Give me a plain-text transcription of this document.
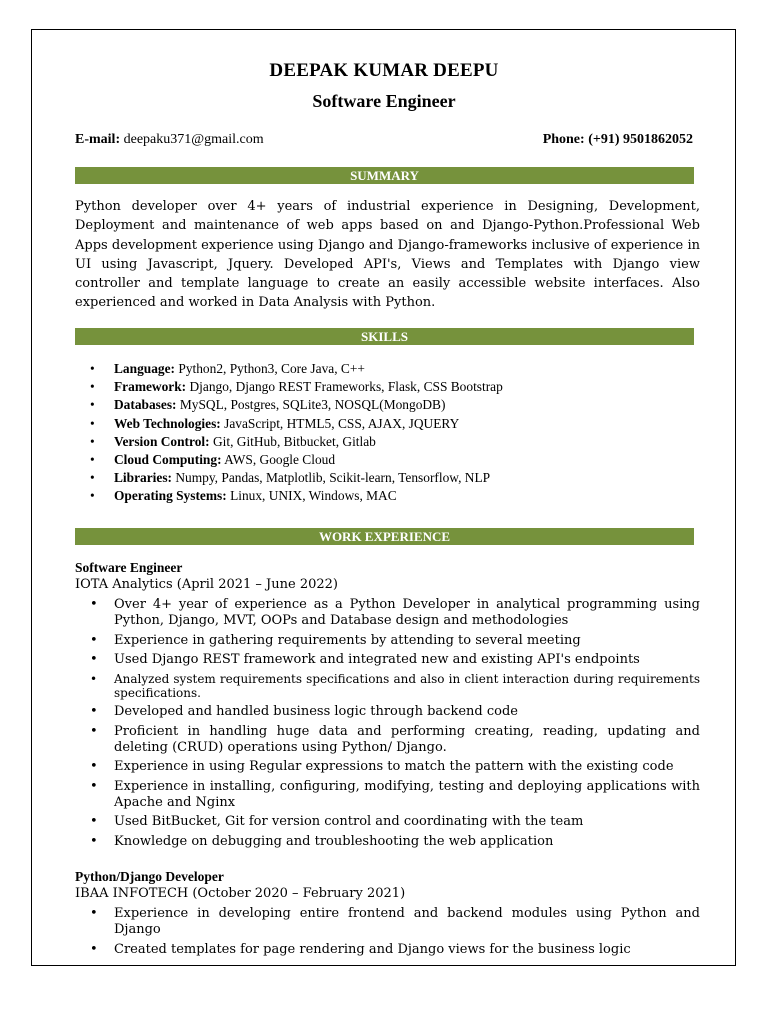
DEEPAK KUMAR DEEPU
Software Engineer
E-mail: deepaku371@gmail.com	Phone: (+91) 9501862052
SUMMARY
Python developer over 4+ years of industrial experience in Designing, Development, Deployment and maintenance of web apps based on and Django-Python.Professional Web Apps development experience using Django and Django-frameworks inclusive of experience in UI using Javascript, Jquery. Developed API's, Views and Templates with Django view controller and template language to create an easily accessible website interfaces. Also experienced and worked in Data Analysis with Python.
SKILLS
• Language: Python2, Python3, Core Java, C++
• Framework: Django, Django REST Frameworks, Flask, CSS Bootstrap
• Databases: MySQL, Postgres, SQLite3, NOSQL(MongoDB)
• Web Technologies: JavaScript, HTML5, CSS, AJAX, JQUERY
• Version Control: Git, GitHub, Bitbucket, Gitlab
• Cloud Computing: AWS, Google Cloud
• Libraries: Numpy, Pandas, Matplotlib, Scikit-learn, Tensorflow, NLP
• Operating Systems: Linux, UNIX, Windows, MAC
WORK EXPERIENCE
Software Engineer
IOTA Analytics (April 2021 – June 2022)
• Over 4+ year of experience as a Python Developer in analytical programming using Python, Django, MVT, OOPs and Database design and methodologies
• Experience in gathering requirements by attending to several meeting
• Used Django REST framework and integrated new and existing API's endpoints
• Analyzed system requirements specifications and also in client interaction during requirements specifications.
• Developed and handled business logic through backend code
• Proficient in handling huge data and performing creating, reading, updating and deleting (CRUD) operations using Python/ Django.
• Experience in using Regular expressions to match the pattern with the existing code
• Experience in installing, configuring, modifying, testing and deploying applications with Apache and Nginx
• Used BitBucket, Git for version control and coordinating with the team
• Knowledge on debugging and troubleshooting the web application
Python/Django Developer
IBAA INFOTECH (October 2020 – February 2021)
• Experience in developing entire frontend and backend modules using Python and Django
• Created templates for page rendering and Django views for the business logic
